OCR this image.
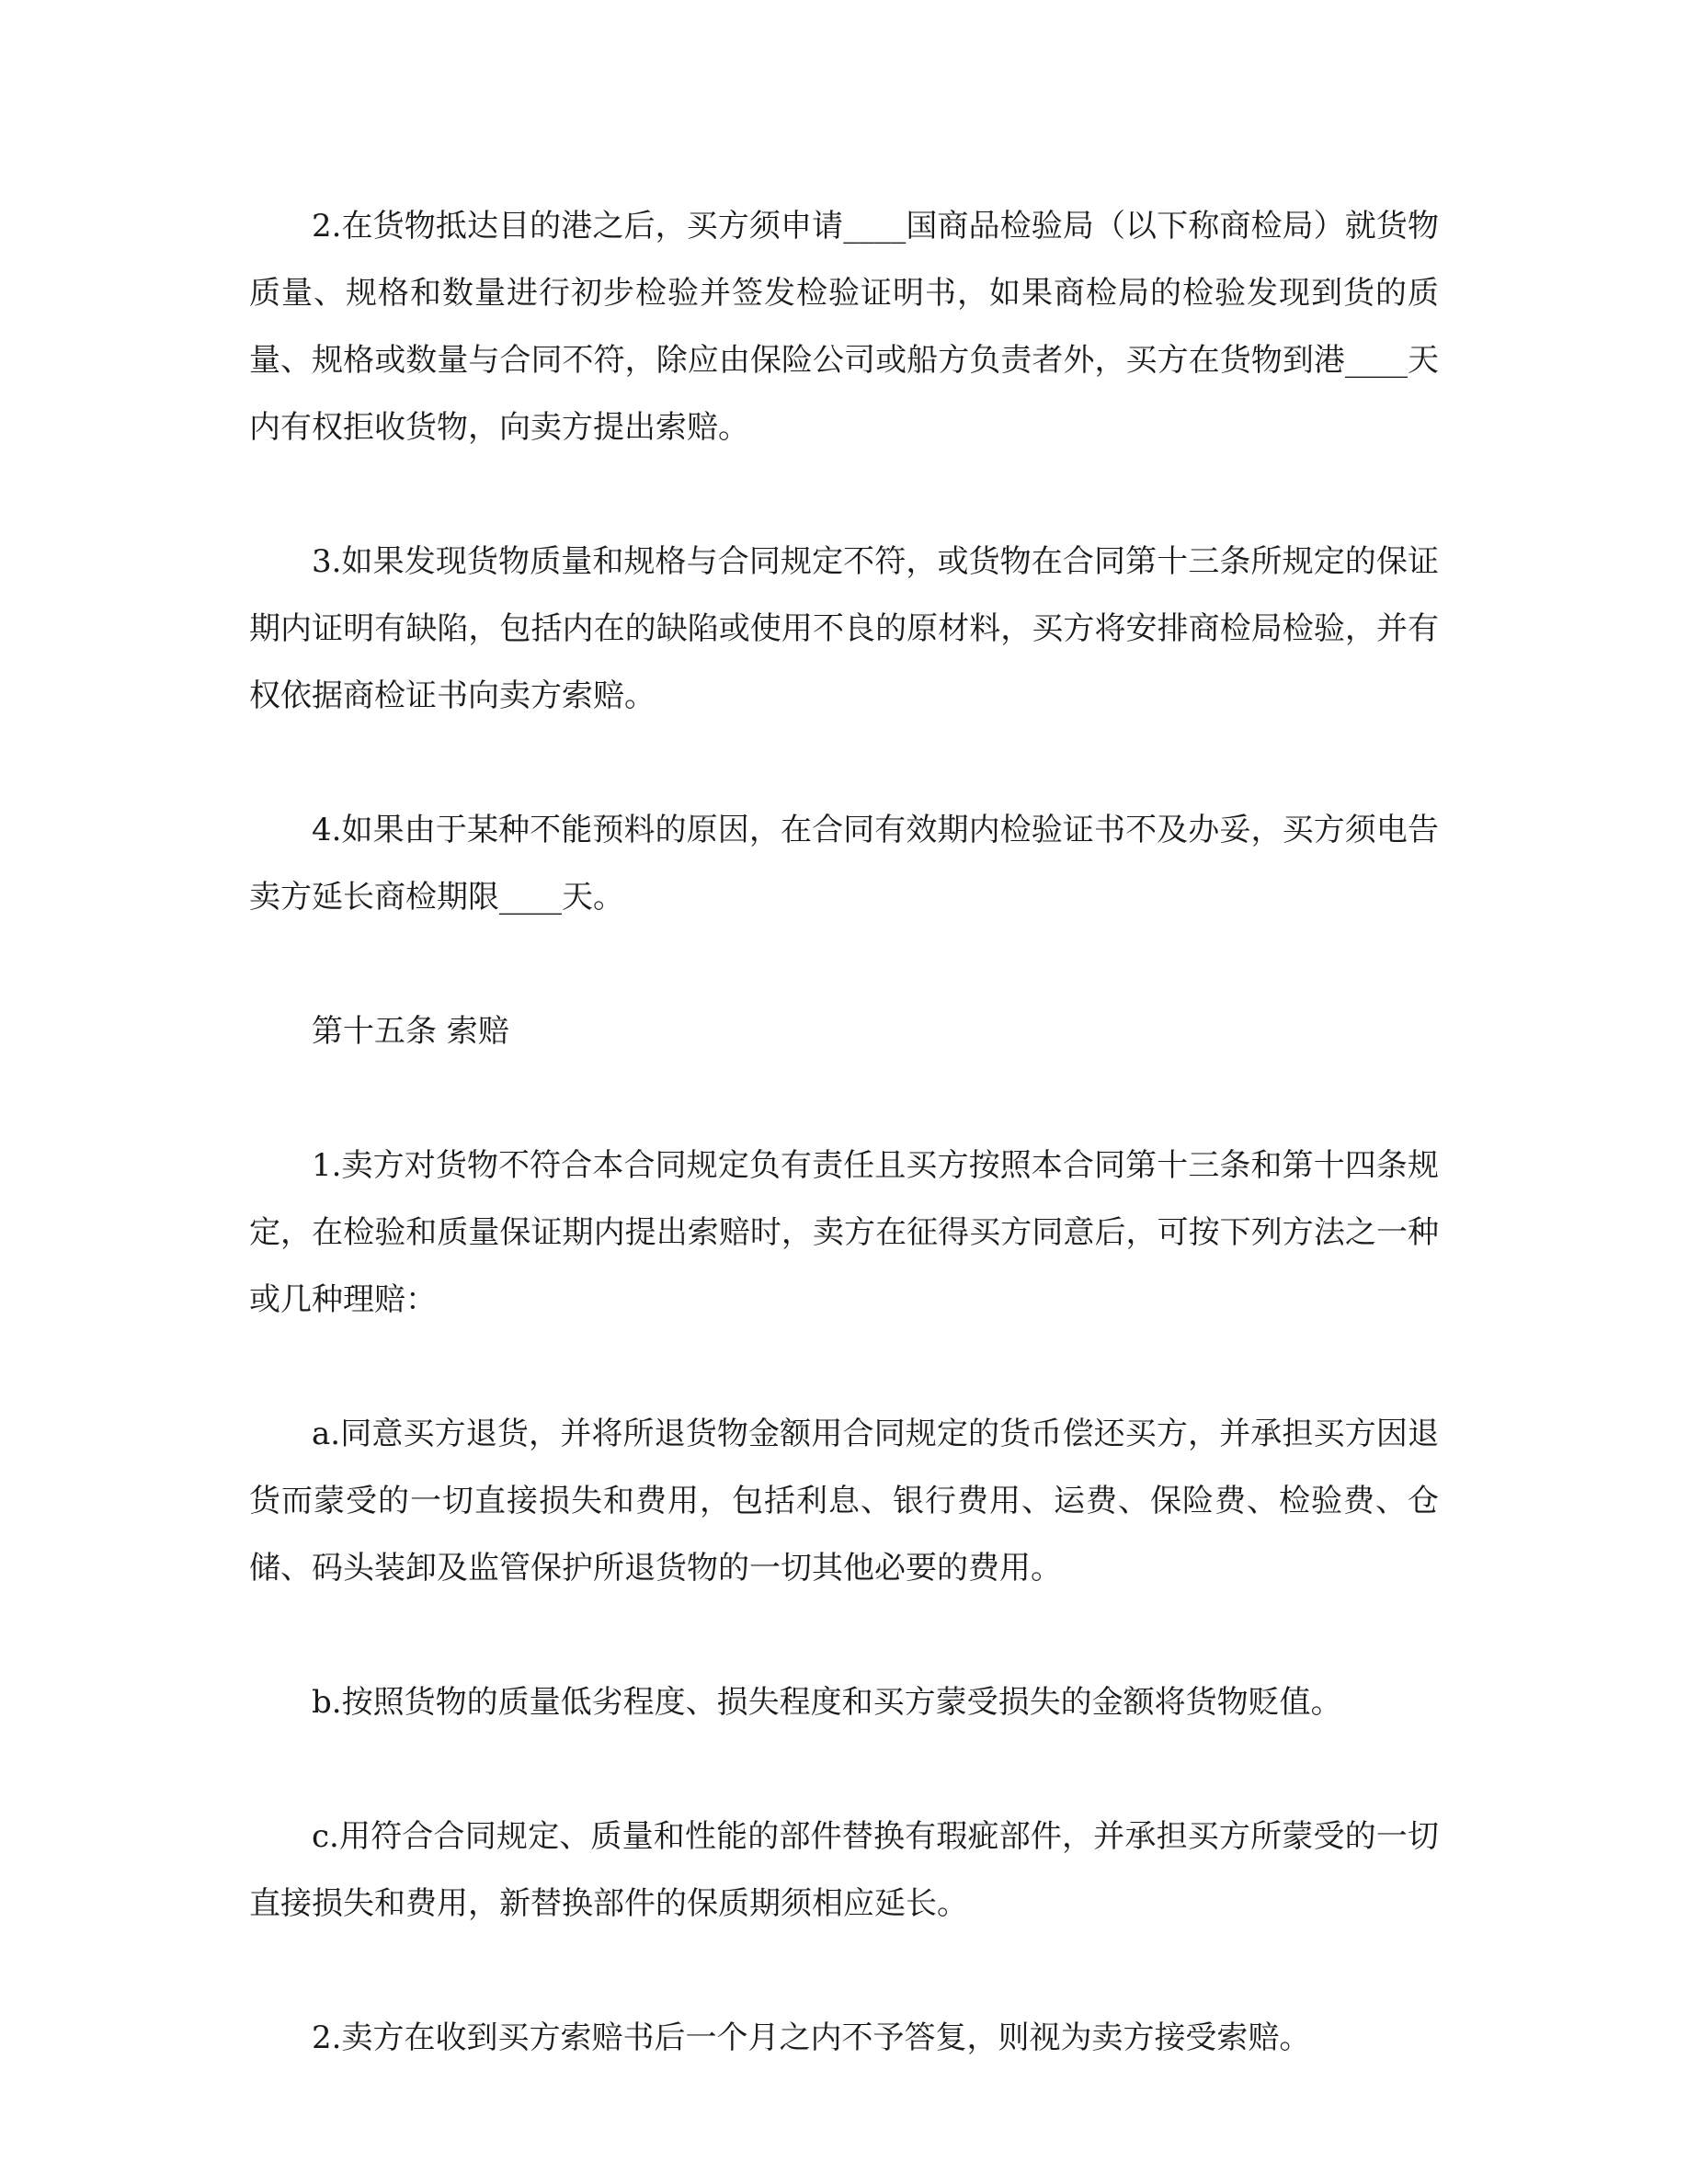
2.在货物抵达目的港之后，买方须申请____国商品检验局（以下称商检局）就货物质量、规格和数量进行初步检验并签发检验证明书，如果商检局的检验发现到货的质量、规格或数量与合同不符，除应由保险公司或船方负责者外，买方在货物到港____天内有权拒收货物，向卖方提出索赔。

3.如果发现货物质量和规格与合同规定不符，或货物在合同第十三条所规定的保证期内证明有缺陷，包括内在的缺陷或使用不良的原材料，买方将安排商检局检验，并有权依据商检证书向卖方索赔。

4.如果由于某种不能预料的原因，在合同有效期内检验证书不及办妥，买方须电告卖方延长商检期限____天。

第十五条 索赔

1.卖方对货物不符合本合同规定负有责任且买方按照本合同第十三条和第十四条规定，在检验和质量保证期内提出索赔时，卖方在征得买方同意后，可按下列方法之一种或几种理赔：

a.同意买方退货，并将所退货物金额用合同规定的货币偿还买方，并承担买方因退货而蒙受的一切直接损失和费用，包括利息、银行费用、运费、保险费、检验费、仓储、码头装卸及监管保护所退货物的一切其他必要的费用。

b.按照货物的质量低劣程度、损失程度和买方蒙受损失的金额将货物贬值。

c.用符合合同规定、质量和性能的部件替换有瑕疵部件，并承担买方所蒙受的一切直接损失和费用，新替换部件的保质期须相应延长。

2.卖方在收到买方索赔书后一个月之内不予答复，则视为卖方接受索赔。
